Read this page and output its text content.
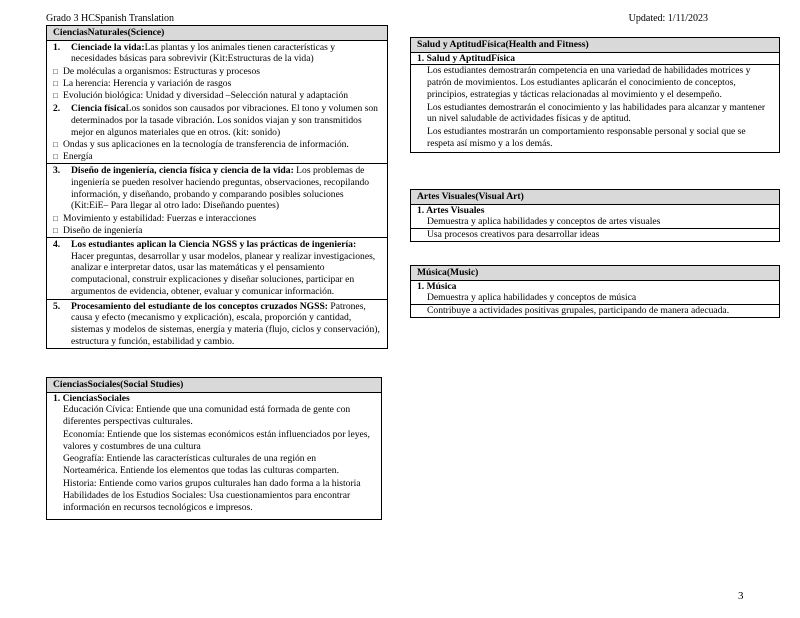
Grado 3 HCSpanish Translation	Updated: 1/11/2023
CienciasNaturales(Science)
1.	Cienciade la vida:Las plantas y los animales tienen características y necesidades básicas para sobrevivir (Kit:Estructuras de la vida)
□ De moléculas a organismos: Estructuras y procesos
□ La herencia: Herencia y variación de rasgos
□ Evolución biológica: Unidad y diversidad –Selección natural y adaptación
2.	Ciencia físicaLos sonidos son causados por vibraciones. El tono y volumen son determinados por la tasade vibración. Los sonidos viajan y son transmitidos mejor en algunos materiales que en otros. (kit: sonido)
□ Ondas y sus aplicaciones en la tecnología de transferencia de información.
□ Energía
3.	Diseño de ingeniería, ciencia física y ciencia de la vida: Los problemas de ingeniería se pueden resolver haciendo preguntas, observaciones, recopilando información, y diseñando, probando y comparando posibles soluciones (Kit:EiE– Para llegar al otro lado: Diseñando puentes)
□ Movimiento y estabilidad: Fuerzas e interacciones
□ Diseño de ingeniería
4.	Los estudiantes aplican la Ciencia NGSS y las prácticas de ingeniería: Hacer preguntas, desarrollar y usar modelos, planear y realizar investigaciones, analizar e interpretar datos, usar las matemáticas y el pensamiento computacional, construir explicaciones y diseñar soluciones, participar en argumentos de evidencia, obtener, evaluar y comunicar información.
5.	Procesamiento del estudiante de los conceptos cruzados NGSS: Patrones, causa y efecto (mecanismo y explicación), escala, proporción y cantidad, sistemas y modelos de sistemas, energía y materia (flujo, ciclos y conservación), estructura y función, estabilidad y cambio.
CienciasSociales(Social Studies)
1. CienciasSociales
Educación Cívica: Entiende que una comunidad está formada de gente con diferentes perspectivas culturales.
Economía: Entiende que los sistemas económicos están influenciados por leyes, valores y costumbres de una cultura
Geografía: Entiende las características culturales de una región en Norteamérica. Entiende los elementos que todas las culturas comparten.
Historia: Entiende como varios grupos culturales han dado forma a la historia
Habilidades de los Estudios Sociales: Usa cuestionamientos para encontrar información en recursos tecnológicos e impresos.
Salud y AptitudFísica(Health and Fitness)
1. Salud y AptitudFísica
Los estudiantes demostrarán competencia en una variedad de habilidades motrices y patrón de movimientos. Los estudiantes aplicarán el conocimiento de conceptos, principios, estrategias y tácticas relacionadas al movimiento y el desempeño.
Los estudiantes demostrarán el conocimiento y las habilidades para alcanzar y mantener un nivel saludable de actividades físicas y de aptitud.
Los estudiantes mostrarán un comportamiento responsable personal y social que se respeta así mismo y a los demás.
Artes Visuales(Visual Art)
1. Artes Visuales
Demuestra y aplica habilidades y conceptos de artes visuales
Usa procesos creativos para desarrollar ideas
Música(Music)
1. Música
Demuestra y aplica habilidades y conceptos de música
Contribuye a actividades positivas grupales, participando de manera adecuada.
3
